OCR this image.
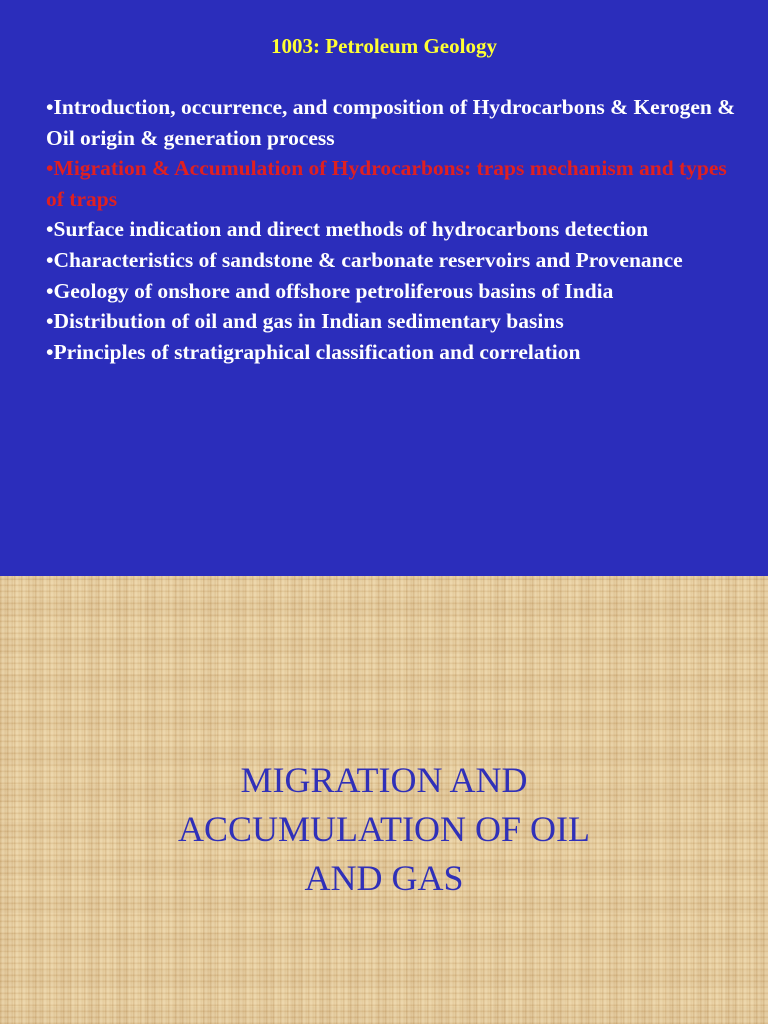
1003: Petroleum Geology
•Introduction, occurrence, and composition of Hydrocarbons & Kerogen & Oil origin & generation process
•Migration & Accumulation of Hydrocarbons: traps mechanism and types of traps
•Surface indication and direct methods of hydrocarbons detection
•Characteristics of sandstone & carbonate reservoirs and Provenance
•Geology of onshore and offshore petroliferous basins of India
•Distribution of oil and gas in Indian sedimentary basins
•Principles of stratigraphical classification and correlation
MIGRATION AND
ACCUMULATION OF OIL
AND GAS
